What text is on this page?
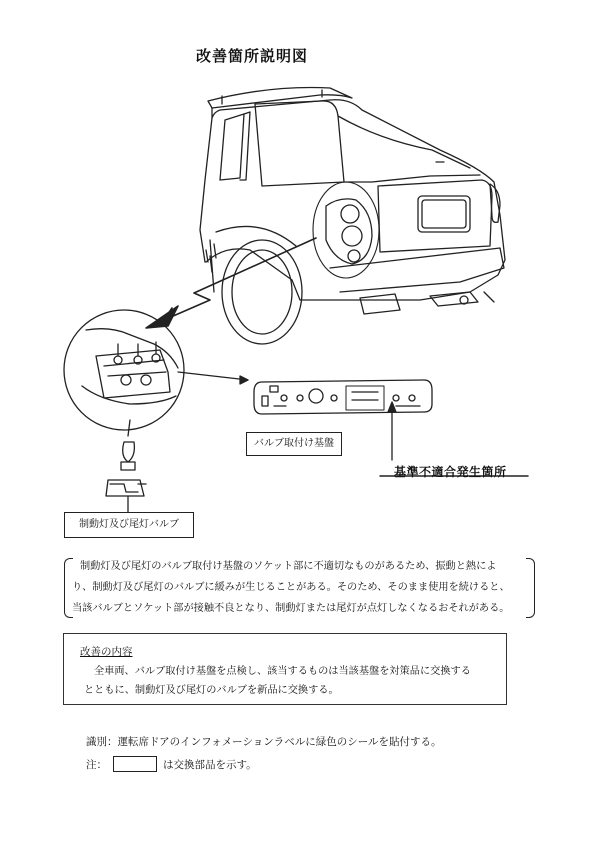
改善箇所説明図
バルブ取付け基盤
制動灯及び尾灯バルブ
基準不適合発生箇所

制動灯及び尾灯のバルブ取付け基盤のソケット部に不適切なものがあるため、振動と熱によ

り、制動灯及び尾灯のバルブに緩みが生じることがある。そのため、そのまま使用を続けると、

当該バルブとソケット部が接触不良となり、制動灯または尾灯が点灯しなくなるおそれがある。

改善の内容

全車両、バルブ取付け基盤を点検し、該当するものは当該基盤を対策品に交換する

とともに、制動灯及び尾灯のバルブを新品に交換する。

識別：運転席ドアのインフォメーションラベルに緑色のシールを貼付する。
注：	は交換部品を示す。
